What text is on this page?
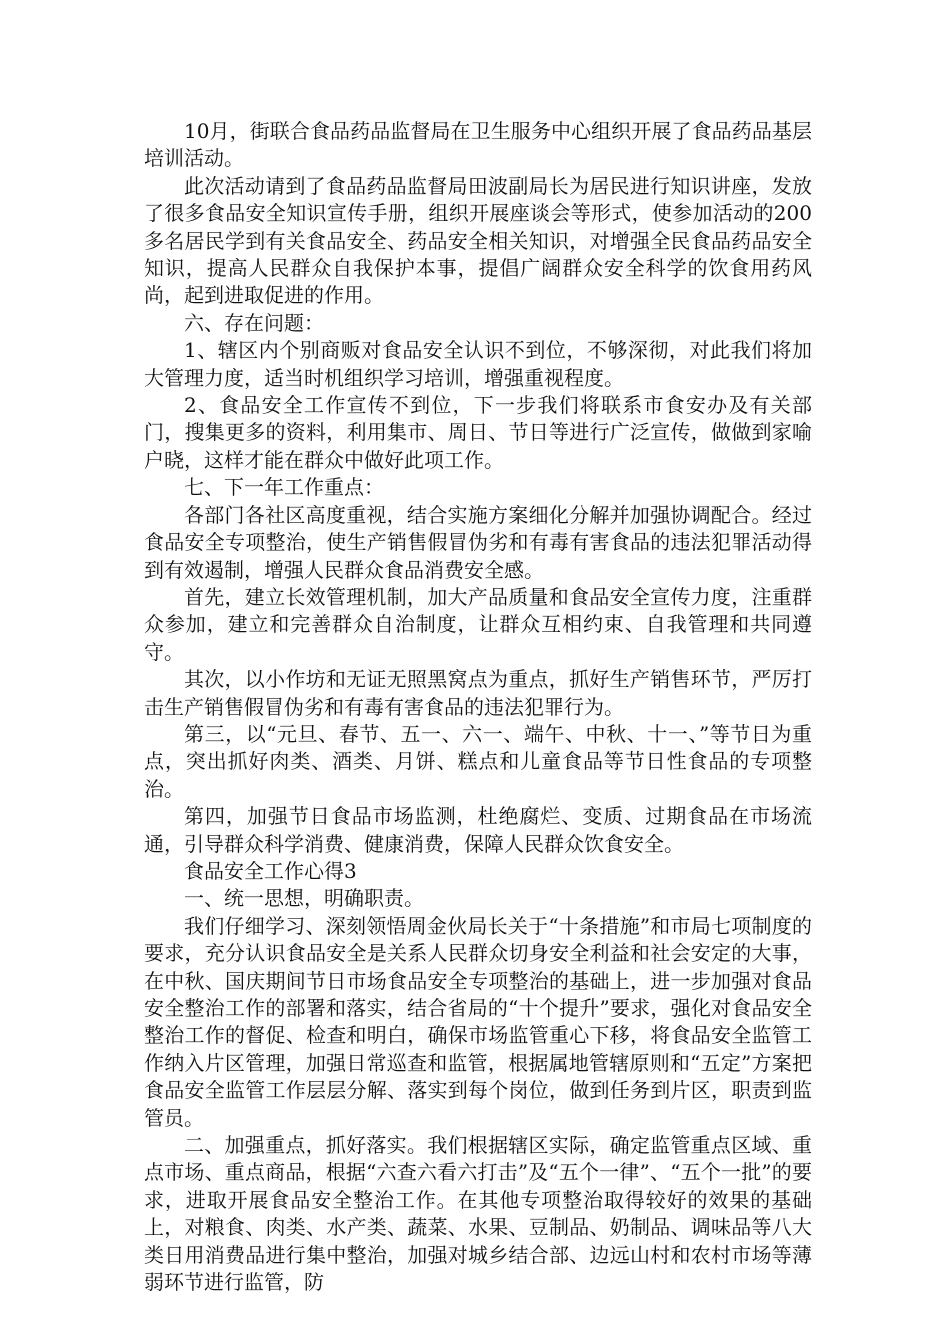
10月，街联合食品药品监督局在卫生服务中心组织开展了食品药品基层培训活动。

此次活动请到了食品药品监督局田波副局长为居民进行知识讲座，发放了很多食品安全知识宣传手册，组织开展座谈会等形式，使参加活动的200多名居民学到有关食品安全、药品安全相关知识，对增强全民食品药品安全知识，提高人民群众自我保护本事，提倡广阔群众安全科学的饮食用药风尚，起到进取促进的作用。

六、存在问题：

1、辖区内个别商贩对食品安全认识不到位，不够深彻，对此我们将加大管理力度，适当时机组织学习培训，增强重视程度。

2、食品安全工作宣传不到位，下一步我们将联系市食安办及有关部门，搜集更多的资料，利用集市、周日、节日等进行广泛宣传，做做到家喻户晓，这样才能在群众中做好此项工作。

七、下一年工作重点：

各部门各社区高度重视，结合实施方案细化分解并加强协调配合。经过食品安全专项整治，使生产销售假冒伪劣和有毒有害食品的违法犯罪活动得到有效遏制，增强人民群众食品消费安全感。

首先，建立长效管理机制，加大产品质量和食品安全宣传力度，注重群众参加，建立和完善群众自治制度，让群众互相约束、自我管理和共同遵守。

其次，以小作坊和无证无照黑窝点为重点，抓好生产销售环节，严厉打击生产销售假冒伪劣和有毒有害食品的违法犯罪行为。

第三，以“元旦、春节、五一、六一、端午、中秋、十一、”等节日为重点，突出抓好肉类、酒类、月饼、糕点和儿童食品等节日性食品的专项整治。

第四，加强节日食品市场监测，杜绝腐烂、变质、过期食品在市场流通，引导群众科学消费、健康消费，保障人民群众饮食安全。

食品安全工作心得3

一、统一思想，明确职责。

我们仔细学习、深刻领悟周金伙局长关于“十条措施”和市局七项制度的要求，充分认识食品安全是关系人民群众切身安全利益和社会安定的大事，在中秋、国庆期间节日市场食品安全专项整治的基础上，进一步加强对食品安全整治工作的部署和落实，结合省局的“十个提升”要求，强化对食品安全整治工作的督促、检查和明白，确保市场监管重心下移，将食品安全监管工作纳入片区管理，加强日常巡查和监管，根据属地管辖原则和“五定”方案把食品安全监管工作层层分解、落实到每个岗位，做到任务到片区，职责到监管员。

二、加强重点，抓好落实。我们根据辖区实际，确定监管重点区域、重点市场、重点商品，根据“六查六看六打击”及“五个一律”、“五个一批”的要求，进取开展食品安全整治工作。在其他专项整治取得较好的效果的基础上，对粮食、肉类、水产类、蔬菜、水果、豆制品、奶制品、调味品等八大类日用消费品进行集中整治，加强对城乡结合部、边远山村和农村市场等薄弱环节进行监管，防
